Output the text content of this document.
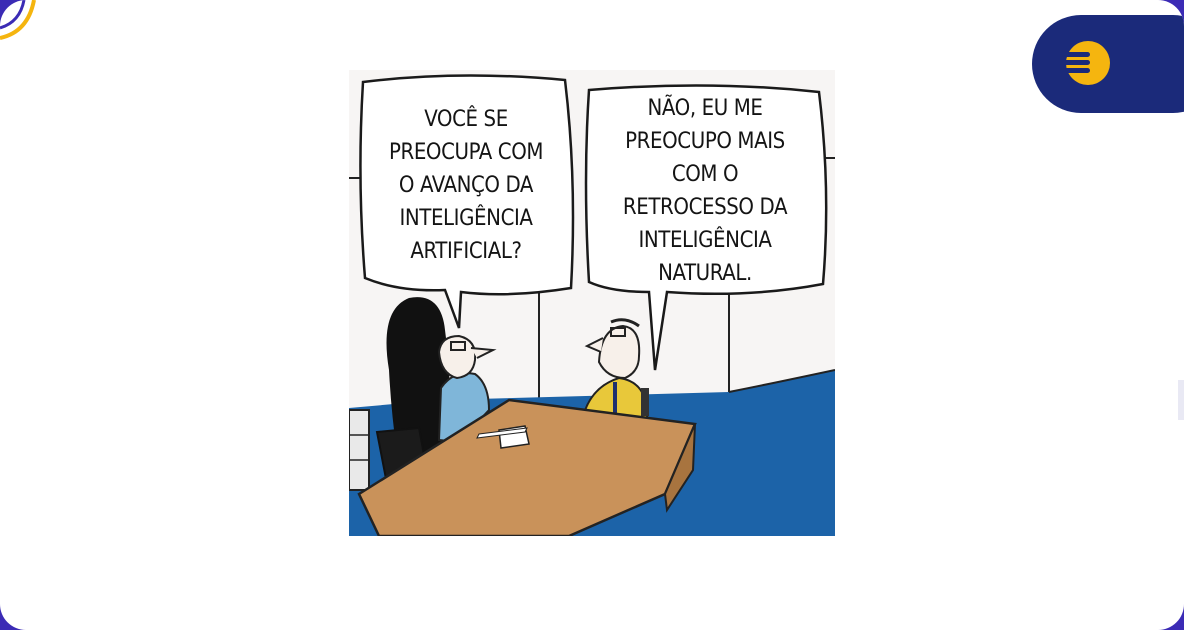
VOCÊ SE
PREOCUPA COM
O AVANÇO DA
INTELIGÊNCIA
ARTIFICIAL?
NÃO, EU ME
PREOCUPO MAIS
COM O
RETROCESSO DA
INTELIGÊNCIA
NATURAL.
